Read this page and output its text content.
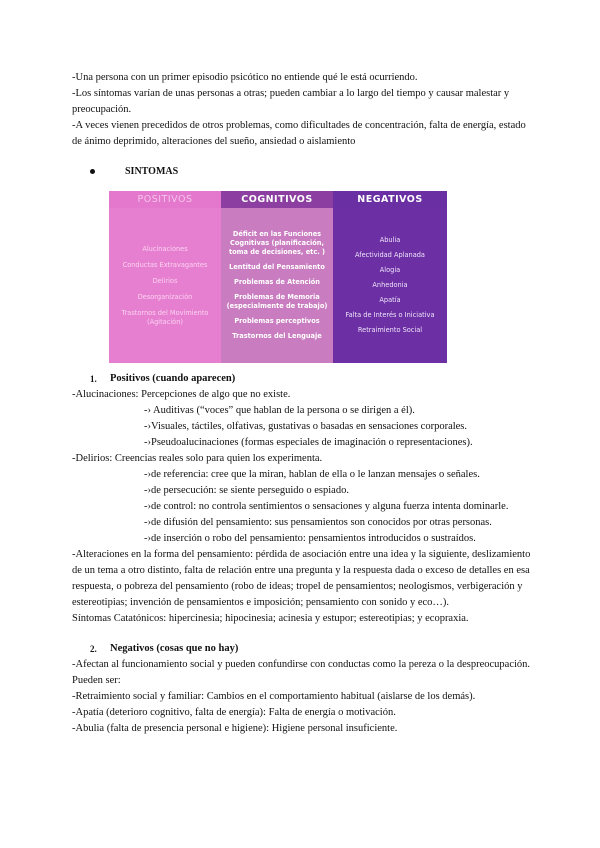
-Una persona con un primer episodio psicótico no entiende qué le está ocurriendo.

-Los síntomas varían de unas personas a otras; pueden cambiar a lo largo del tiempo y causar malestar y preocupación.

-A veces vienen precedidos de otros problemas, como dificultades de concentración, falta de energía, estado de ánimo deprimido, alteraciones del sueño, ansiedad o aislamiento

SINTOMAS
POSITIVOS
Alucinaciones
Conductas Extravagantes
Delirios
Desorganización
Trastornos del Movimiento (Agitación)
COGNITIVOS
Déficit en las Funciones Cognitivas (planificación, toma de decisiones, etc. )
Lentitud del Pensamiento
Problemas de Atención
Problemas de Memoria (especialmente de trabajo)
Problemas perceptivos
Trastornos del Lenguaje
NEGATIVOS
Abulia
Afectividad Aplanada
Alogia
Anhedonia
Apatía
Falta de Interés o Iniciativa
Retraimiento Social
1.	Positivos (cuando aparecen)

-Alucinaciones: Percepciones de algo que no existe.

-› Auditivas (“voces” que hablan de la persona o se dirigen a él).

-›Visuales, táctiles, olfativas, gustativas o basadas en sensaciones corporales.

-›Pseudoalucinaciones (formas especiales de imaginación o representaciones).

-Delirios: Creencias reales solo para quien los experimenta.

-›de referencia: cree que la miran, hablan de ella o le lanzan mensajes o señales.

-›de persecución: se siente perseguido o espiado.

-›de control: no controla sentimientos o sensaciones y alguna fuerza intenta dominarle.

-›de difusión del pensamiento: sus pensamientos son conocidos por otras personas.

-›de inserción o robo del pensamiento: pensamientos introducidos o sustraídos.

-Alteraciones en la forma del pensamiento: pérdida de asociación entre una idea y la siguiente, deslizamiento de un tema a otro distinto, falta de relación entre una pregunta y la respuesta dada o exceso de detalles en esa respuesta, o pobreza del pensamiento (robo de ideas; tropel de pensamientos; neologismos, verbigeración y estereotipias; invención de pensamientos e imposición; pensamiento con sonido y eco…).

Síntomas Catatónicos: hipercinesia; hipocinesia; acinesia y estupor; estereotipias; y ecopraxia.

2.	Negativos (cosas que no hay)

-Afectan al funcionamiento social y pueden confundirse con conductas como la pereza o la despreocupación. Pueden ser:

-Retraimiento social y familiar: Cambios en el comportamiento habitual (aislarse de los demás).

-Apatía (deterioro cognitivo, falta de energía): Falta de energía o motivación.

-Abulia (falta de presencia personal e higiene): Higiene personal insuficiente.
